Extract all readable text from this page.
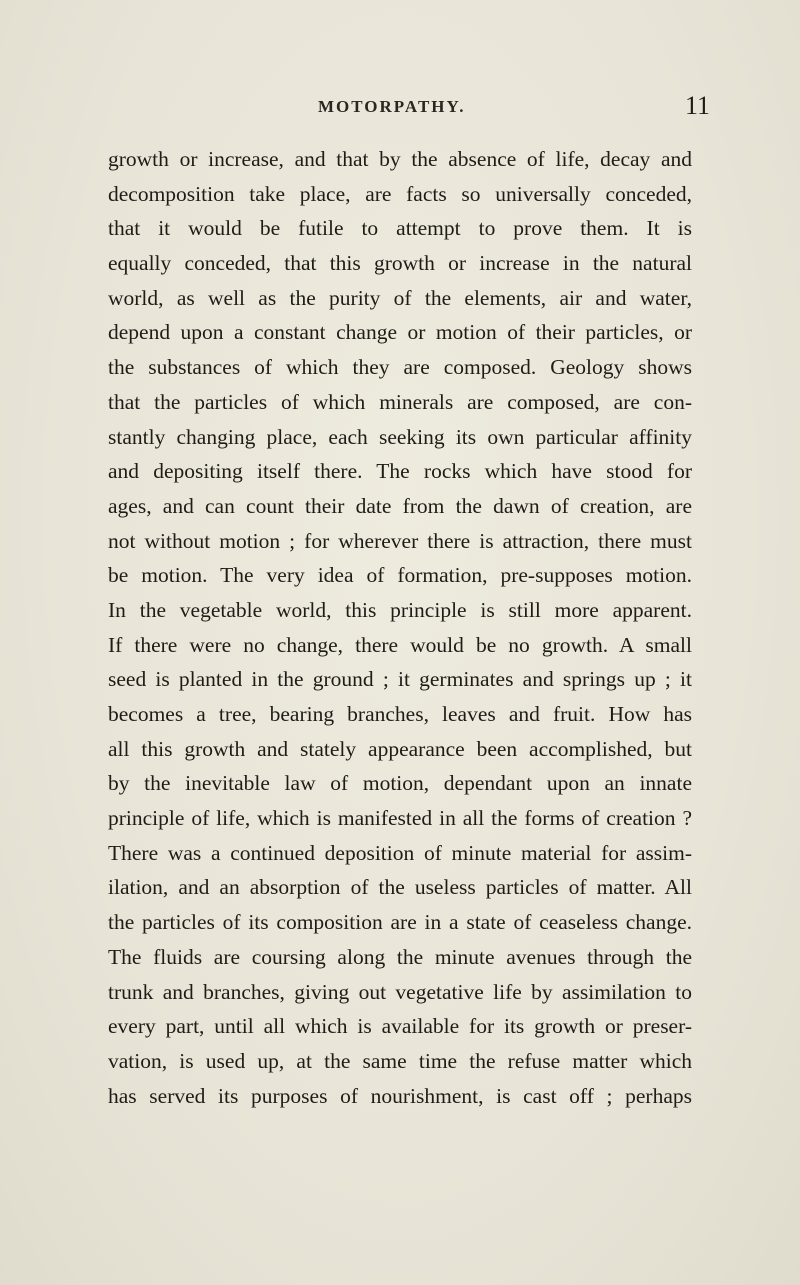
MOTORPATHY.	11
growth or increase, and that by the absence of life, decay and
decomposition take place, are facts so universally conceded,
that it would be futile to attempt to prove them. It is
equally conceded, that this growth or increase in the natural
world, as well as the purity of the elements, air and water,
depend upon a constant change or motion of their particles, or
the substances of which they are composed. Geology shows
that the particles of which minerals are composed, are con-
stantly changing place, each seeking its own particular affinity
and depositing itself there. The rocks which have stood for
ages, and can count their date from the dawn of creation, are
not without motion ; for wherever there is attraction, there must
be motion. The very idea of formation, pre-supposes motion.
In the vegetable world, this principle is still more apparent.
If there were no change, there would be no growth. A small
seed is planted in the ground ; it germinates and springs up ; it
becomes a tree, bearing branches, leaves and fruit. How has
all this growth and stately appearance been accomplished, but
by the inevitable law of motion, dependant upon an innate
principle of life, which is manifested in all the forms of creation ?
There was a continued deposition of minute material for assim-
ilation, and an absorption of the useless particles of matter. All
the particles of its composition are in a state of ceaseless change.
The fluids are coursing along the minute avenues through the
trunk and branches, giving out vegetative life by assimilation to
every part, until all which is available for its growth or preser-
vation, is used up, at the same time the refuse matter which
has served its purposes of nourishment, is cast off ; perhaps
